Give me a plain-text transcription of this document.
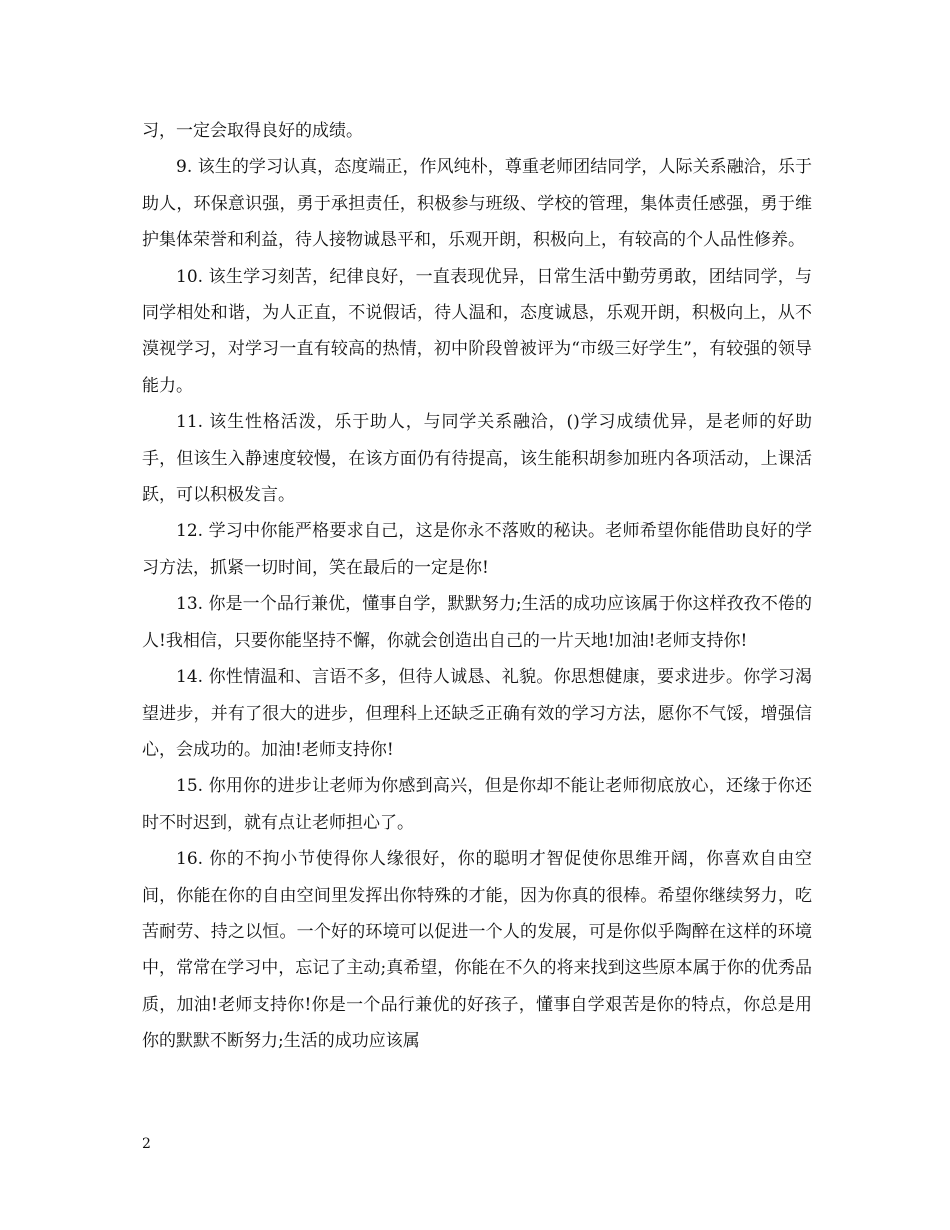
习，一定会取得良好的成绩。

9. 该生的学习认真，态度端正，作风纯朴，尊重老师团结同学，人际关系融洽，乐于助人，环保意识强，勇于承担责任，积极参与班级、学校的管理，集体责任感强，勇于维护集体荣誉和利益，待人接物诚恳平和，乐观开朗，积极向上，有较高的个人品性修养。

10. 该生学习刻苦，纪律良好，一直表现优异，日常生活中勤劳勇敢，团结同学，与同学相处和谐，为人正直，不说假话，待人温和，态度诚恳，乐观开朗，积极向上，从不漠视学习，对学习一直有较高的热情，初中阶段曾被评为“市级三好学生”，有较强的领导能力。

11. 该生性格活泼，乐于助人，与同学关系融洽，()学习成绩优异，是老师的好助手，但该生入静速度较慢，在该方面仍有待提高，该生能积胡参加班内各项活动，上课活跃，可以积极发言。

12. 学习中你能严格要求自己，这是你永不落败的秘诀。老师希望你能借助良好的学习方法，抓紧一切时间，笑在最后的一定是你!

13. 你是一个品行兼优，懂事自学，默默努力;生活的成功应该属于你这样孜孜不倦的人!我相信，只要你能坚持不懈，你就会创造出自己的一片天地!加油!老师支持你!

14. 你性情温和、言语不多，但待人诚恳、礼貌。你思想健康，要求进步。你学习渴望进步，并有了很大的进步，但理科上还缺乏正确有效的学习方法，愿你不气馁，增强信心，会成功的。加油!老师支持你!

15. 你用你的进步让老师为你感到高兴，但是你却不能让老师彻底放心，还缘于你还时不时迟到，就有点让老师担心了。

16. 你的不拘小节使得你人缘很好，你的聪明才智促使你思维开阔，你喜欢自由空间，你能在你的自由空间里发挥出你特殊的才能，因为你真的很棒。希望你继续努力，吃苦耐劳、持之以恒。一个好的环境可以促进一个人的发展，可是你似乎陶醉在这样的环境中，常常在学习中，忘记了主动;真希望，你能在不久的将来找到这些原本属于你的优秀品质，加油!老师支持你!你是一个品行兼优的好孩子，懂事自学艰苦是你的特点，你总是用你的默默不断努力;生活的成功应该属

2
